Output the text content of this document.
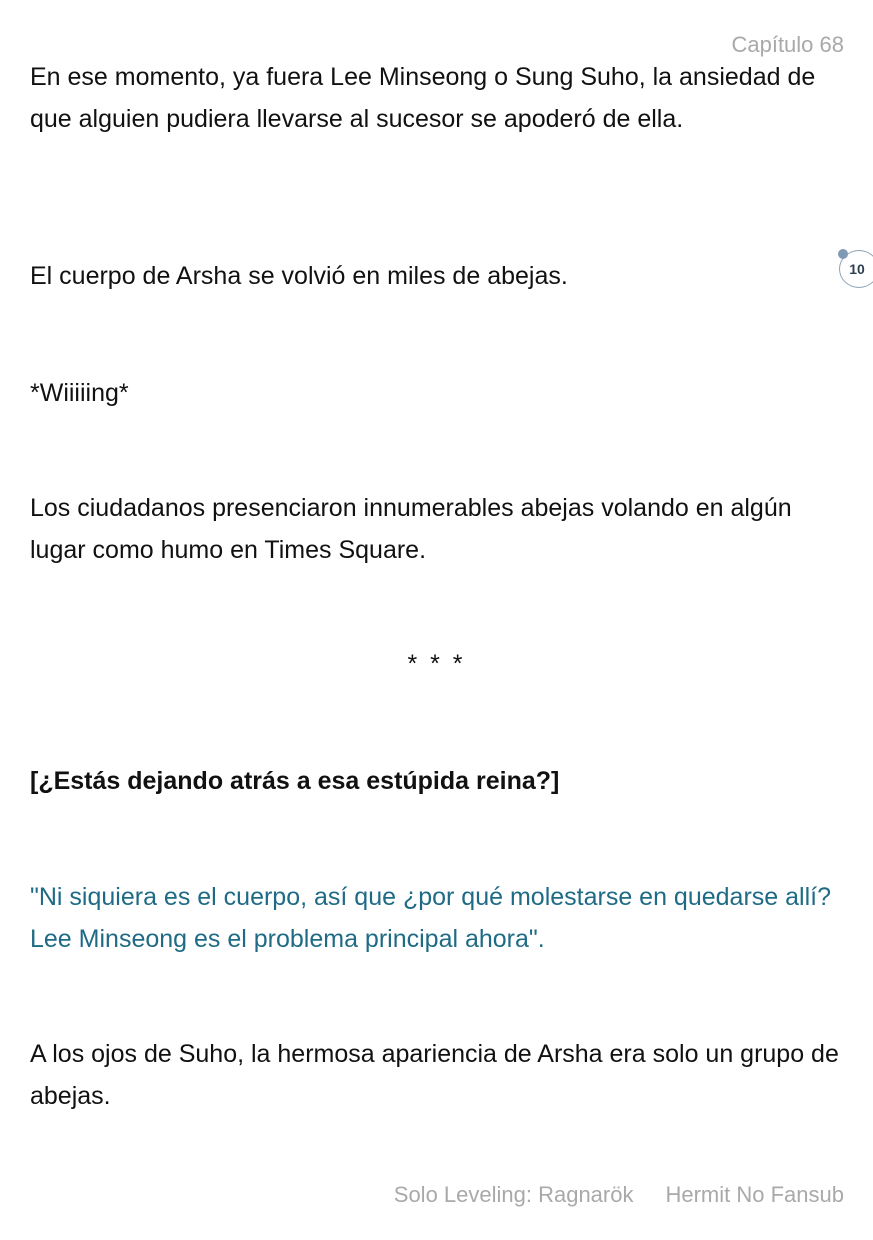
Capítulo 68

En ese momento, ya fuera Lee Minseong o Sung Suho, la ansiedad de que alguien pudiera llevarse al sucesor se apoderó de ella.

El cuerpo de Arsha se volvió en miles de abejas.	10

*Wiiiiing*

Los ciudadanos presenciaron innumerables abejas volando en algún lugar como humo en Times Square.

* * *

[¿Estás dejando atrás a esa estúpida reina?]

"Ni siquiera es el cuerpo, así que ¿por qué molestarse en quedarse allí? Lee Minseong es el problema principal ahora".

A los ojos de Suho, la hermosa apariencia de Arsha era solo un grupo de abejas.

Solo Leveling: Ragnarök Hermit No Fansub
